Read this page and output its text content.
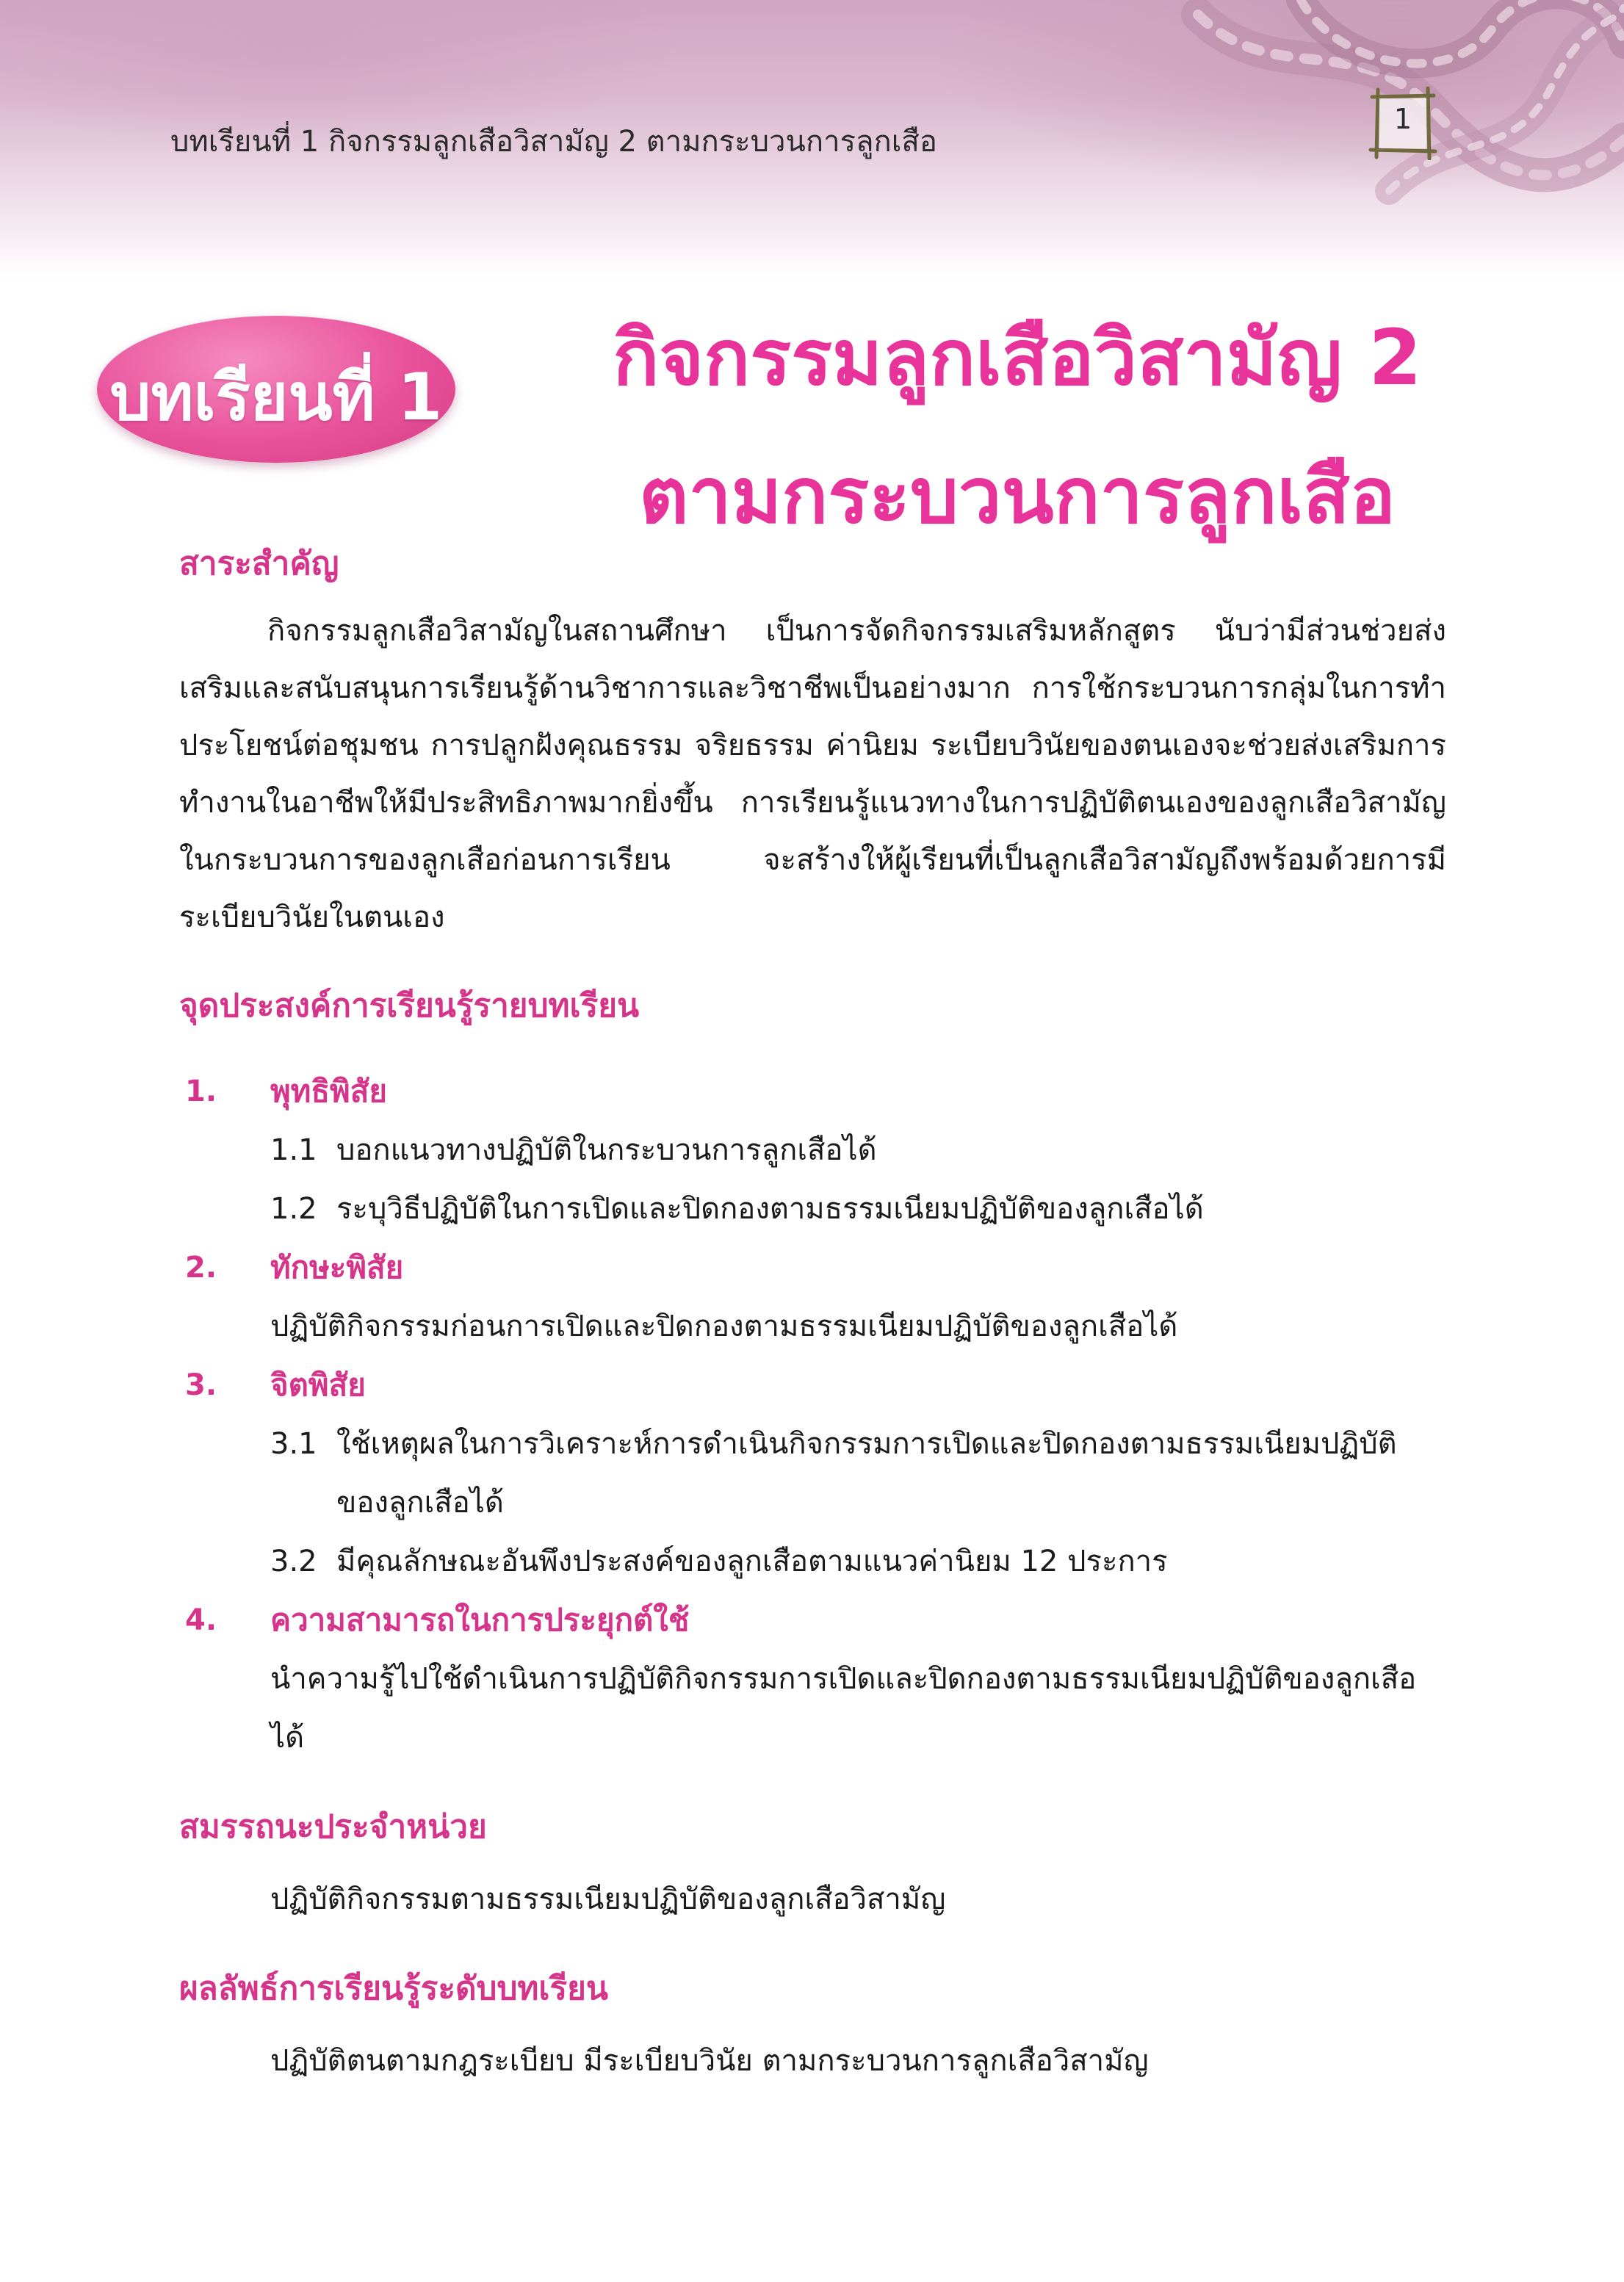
บทเรียนที่ 1 กิจกรรมลูกเสือวิสามัญ 2 ตามกระบวนการลูกเสือ
1
บทเรียนที่ 1	กิจกรรมลูกเสือวิสามัญ 2
ตามกระบวนการลูกเสือ
สาระสำคัญ

กิจกรรมลูกเสือวิสามัญในสถานศึกษา เป็นการจัดกิจกรรมเสริมหลักสูตร นับว่ามีส่วนช่วยส่งเสริมและสนับสนุนการเรียนรู้ด้านวิชาการและวิชาชีพเป็นอย่างมาก การใช้กระบวนการกลุ่มในการทำประโยชน์ต่อชุมชน การปลูกฝังคุณธรรม จริยธรรม ค่านิยม ระเบียบวินัยของตนเองจะช่วยส่งเสริมการทำงานในอาชีพให้มีประสิทธิภาพมากยิ่งขึ้น การเรียนรู้แนวทางในการปฏิบัติตนเองของลูกเสือวิสามัญในกระบวนการของลูกเสือก่อนการเรียน จะสร้างให้ผู้เรียนที่เป็นลูกเสือวิสามัญถึงพร้อมด้วยการมีระเบียบวินัยในตนเอง

จุดประสงค์การเรียนรู้รายบทเรียน
1. พุทธิพิสัย
1.1 บอกแนวทางปฏิบัติในกระบวนการลูกเสือได้
1.2 ระบุวิธีปฏิบัติในการเปิดและปิดกองตามธรรมเนียมปฏิบัติของลูกเสือได้
2. ทักษะพิสัย
ปฏิบัติกิจกรรมก่อนการเปิดและปิดกองตามธรรมเนียมปฏิบัติของลูกเสือได้
3. จิตพิสัย
3.1 ใช้เหตุผลในการวิเคราะห์การดำเนินกิจกรรมการเปิดและปิดกองตามธรรมเนียมปฏิบัติของลูกเสือได้
3.2 มีคุณลักษณะอันพึงประสงค์ของลูกเสือตามแนวค่านิยม 12 ประการ
4. ความสามารถในการประยุกต์ใช้
นำความรู้ไปใช้ดำเนินการปฏิบัติกิจกรรมการเปิดและปิดกองตามธรรมเนียมปฏิบัติของลูกเสือได้
สมรรถนะประจำหน่วย
ปฏิบัติกิจกรรมตามธรรมเนียมปฏิบัติของลูกเสือวิสามัญ
ผลลัพธ์การเรียนรู้ระดับบทเรียน
ปฏิบัติตนตามกฎระเบียบ มีระเบียบวินัย ตามกระบวนการลูกเสือวิสามัญ
